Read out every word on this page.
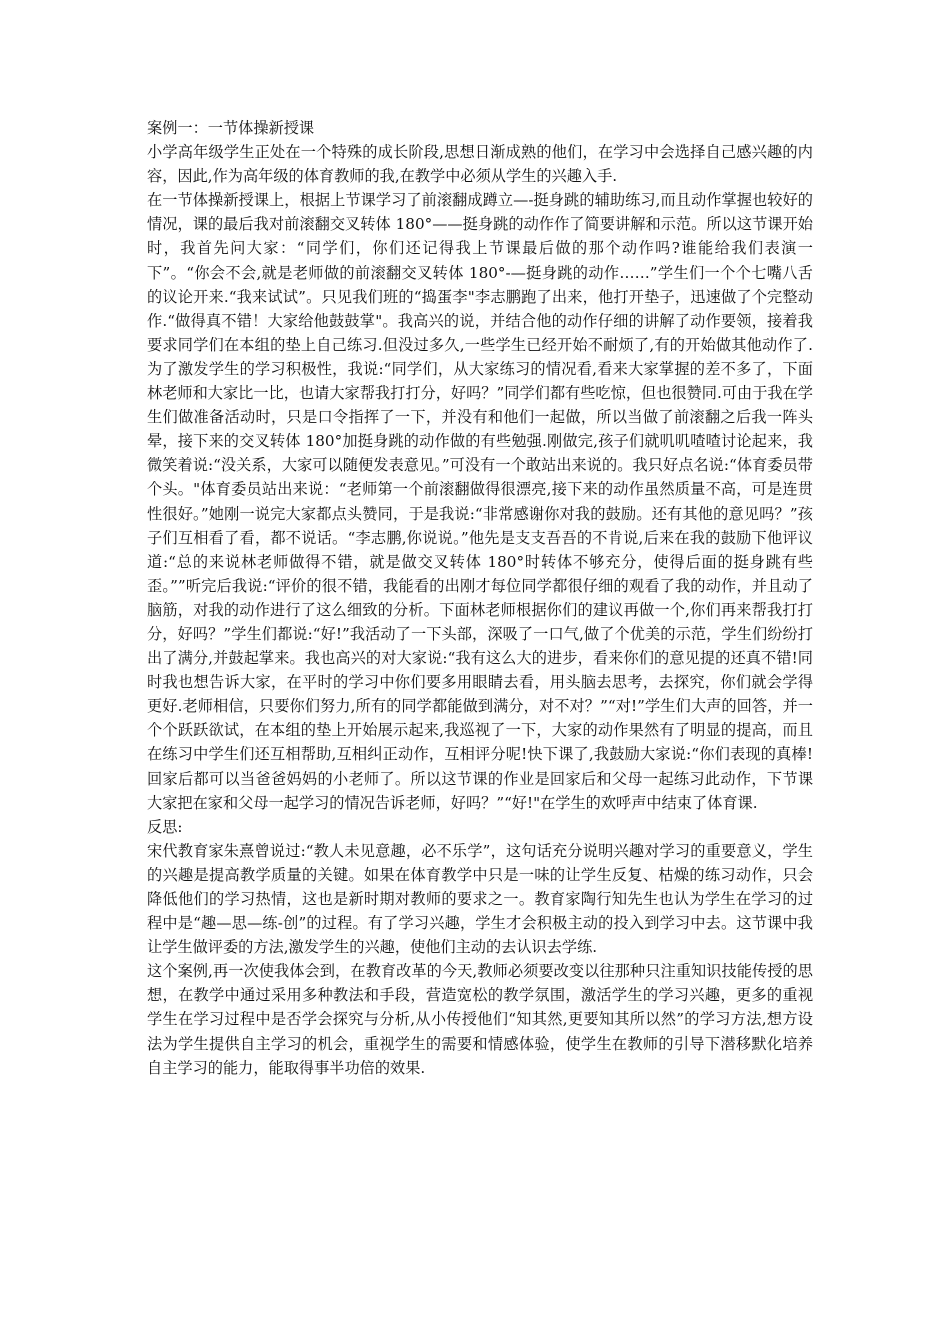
案例一：一节体操新授课

小学高年级学生正处在一个特殊的成长阶段,思想日渐成熟的他们，在学习中会选择自己感兴趣的内容，因此,作为高年级的体育教师的我,在教学中必须从学生的兴趣入手.

在一节体操新授课上，根据上节课学习了前滚翻成蹲立—-挺身跳的辅助练习,而且动作掌握也较好的情况，课的最后我对前滚翻交叉转体 180°——挺身跳的动作作了简要讲解和示范。所以这节课开始时，我首先问大家：“同学们，你们还记得我上节课最后做的那个动作吗?谁能给我们表演一下”。“你会不会,就是老师做的前滚翻交叉转体 180°-—挺身跳的动作……”学生们一个个七嘴八舌的议论开来.“我来试试”。只见我们班的“捣蛋李"李志鹏跑了出来，他打开垫子，迅速做了个完整动作.“做得真不错！大家给他鼓鼓掌"。我高兴的说，并结合他的动作仔细的讲解了动作要领，接着我要求同学们在本组的垫上自己练习.但没过多久,一些学生已经开始不耐烦了,有的开始做其他动作了.为了激发学生的学习积极性，我说:“同学们，从大家练习的情况看,看来大家掌握的差不多了，下面林老师和大家比一比，也请大家帮我打打分，好吗？”同学们都有些吃惊，但也很赞同.可由于我在学生们做准备活动时，只是口令指挥了一下，并没有和他们一起做，所以当做了前滚翻之后我一阵头晕，接下来的交叉转体 180°加挺身跳的动作做的有些勉强.刚做完,孩子们就叽叽喳喳讨论起来，我微笑着说:“没关系，大家可以随便发表意见。”可没有一个敢站出来说的。我只好点名说:“体育委员带个头。"体育委员站出来说：“老师第一个前滚翻做得很漂亮,接下来的动作虽然质量不高，可是连贯性很好。”她刚一说完大家都点头赞同，于是我说:“非常感谢你对我的鼓励。还有其他的意见吗？”孩子们互相看了看，都不说话。“李志鹏,你说说。”他先是支支吾吾的不肯说,后来在我的鼓励下他评议道:“总的来说林老师做得不错，就是做交叉转体 180°时转体不够充分，使得后面的挺身跳有些歪。””听完后我说:“评价的很不错，我能看的出刚才每位同学都很仔细的观看了我的动作，并且动了脑筋，对我的动作进行了这么细致的分析。下面林老师根据你们的建议再做一个,你们再来帮我打打分，好吗？”学生们都说:“好!”我活动了一下头部，深吸了一口气,做了个优美的示范，学生们纷纷打出了满分,并鼓起掌来。我也高兴的对大家说:“我有这么大的进步，看来你们的意见提的还真不错!同时我也想告诉大家，在平时的学习中你们要多用眼睛去看，用头脑去思考，去探究，你们就会学得更好.老师相信，只要你们努力,所有的同学都能做到满分，对不对？”“对!”学生们大声的回答，并一个个跃跃欲试，在本组的垫上开始展示起来,我巡视了一下，大家的动作果然有了明显的提高，而且在练习中学生们还互相帮助,互相纠正动作，互相评分呢!快下课了,我鼓励大家说:“你们表现的真棒!回家后都可以当爸爸妈妈的小老师了。所以这节课的作业是回家后和父母一起练习此动作，下节课大家把在家和父母一起学习的情况告诉老师，好吗？”“好!"在学生的欢呼声中结束了体育课.

反思:

宋代教育家朱熹曾说过:“教人未见意趣，必不乐学”，这句话充分说明兴趣对学习的重要意义，学生的兴趣是提高教学质量的关键。如果在体育教学中只是一味的让学生反复、枯燥的练习动作，只会降低他们的学习热情，这也是新时期对教师的要求之一。教育家陶行知先生也认为学生在学习的过程中是“趣—思—练-创”的过程。有了学习兴趣，学生才会积极主动的投入到学习中去。这节课中我让学生做评委的方法,激发学生的兴趣，使他们主动的去认识去学练.

这个案例,再一次使我体会到，在教育改革的今天,教师必须要改变以往那种只注重知识技能传授的思想，在教学中通过采用多种教法和手段，营造宽松的教学氛围，激活学生的学习兴趣，更多的重视学生在学习过程中是否学会探究与分析,从小传授他们“知其然,更要知其所以然”的学习方法,想方设法为学生提供自主学习的机会，重视学生的需要和情感体验，使学生在教师的引导下潜移默化培养自主学习的能力，能取得事半功倍的效果.
